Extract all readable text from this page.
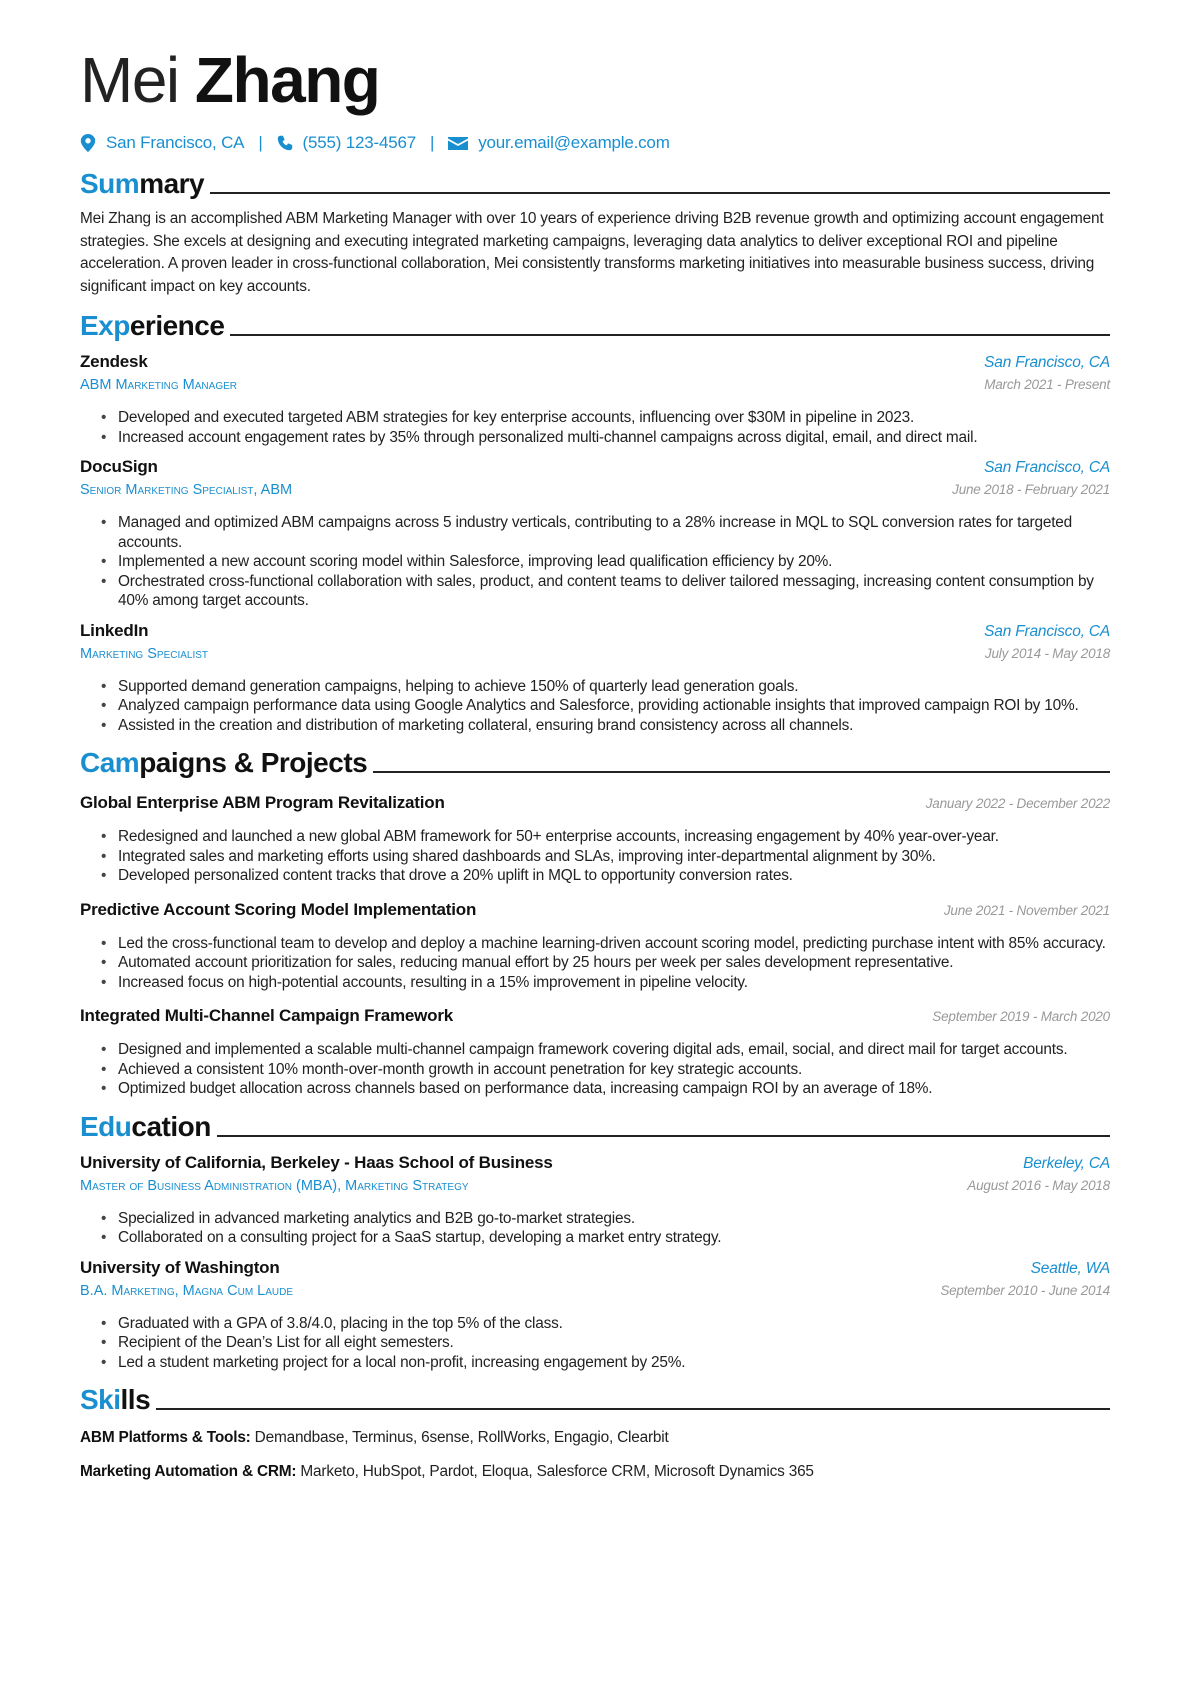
Mei Zhang
San Francisco, CA | (555) 123-4567 |	your.email@example.com
Summary

Mei Zhang is an accomplished ABM Marketing Manager with over 10 years of experience driving B2B revenue growth and optimizing account engagement strategies. She excels at designing and executing integrated marketing campaigns, leveraging data analytics to deliver exceptional ROI and pipeline acceleration. A proven leader in cross-functional collaboration, Mei consistently transforms marketing initiatives into measurable business success, driving significant impact on key accounts.

Experience
Zendesk	San Francisco, CA
ABM Marketing Manager	March 2021 - Present
• Developed and executed targeted ABM strategies for key enterprise accounts, influencing over $30M in pipeline in 2023.
• Increased account engagement rates by 35% through personalized multi-channel campaigns across digital, email, and direct mail.
DocuSign	San Francisco, CA
Senior Marketing Specialist, ABM	June 2018 - February 2021
• Managed and optimized ABM campaigns across 5 industry verticals, contributing to a 28% increase in MQL to SQL conversion rates for targeted accounts.
• Implemented a new account scoring model within Salesforce, improving lead qualification efficiency by 20%.
• Orchestrated cross-functional collaboration with sales, product, and content teams to deliver tailored messaging, increasing content consumption by 40% among target accounts.
LinkedIn	San Francisco, CA
Marketing Specialist	July 2014 - May 2018
• Supported demand generation campaigns, helping to achieve 150% of quarterly lead generation goals.
• Analyzed campaign performance data using Google Analytics and Salesforce, providing actionable insights that improved campaign ROI by 10%.
• Assisted in the creation and distribution of marketing collateral, ensuring brand consistency across all channels.
Campaigns & Projects
Global Enterprise ABM Program Revitalization	January 2022 - December 2022
• Redesigned and launched a new global ABM framework for 50+ enterprise accounts, increasing engagement by 40% year-over-year.
• Integrated sales and marketing efforts using shared dashboards and SLAs, improving inter-departmental alignment by 30%.
• Developed personalized content tracks that drove a 20% uplift in MQL to opportunity conversion rates.
Predictive Account Scoring Model Implementation	June 2021 - November 2021
• Led the cross-functional team to develop and deploy a machine learning-driven account scoring model, predicting purchase intent with 85% accuracy.
• Automated account prioritization for sales, reducing manual effort by 25 hours per week per sales development representative.
• Increased focus on high-potential accounts, resulting in a 15% improvement in pipeline velocity.
Integrated Multi-Channel Campaign Framework	September 2019 - March 2020
• Designed and implemented a scalable multi-channel campaign framework covering digital ads, email, social, and direct mail for target accounts.
• Achieved a consistent 10% month-over-month growth in account penetration for key strategic accounts.
• Optimized budget allocation across channels based on performance data, increasing campaign ROI by an average of 18%.
Education
University of California, Berkeley - Haas School of Business	Berkeley, CA
Master of Business Administration (MBA), Marketing Strategy	August 2016 - May 2018
• Specialized in advanced marketing analytics and B2B go-to-market strategies.
• Collaborated on a consulting project for a SaaS startup, developing a market entry strategy.
University of Washington	Seattle, WA
B.A. Marketing, Magna Cum Laude	September 2010 - June 2014
• Graduated with a GPA of 3.8/4.0, placing in the top 5% of the class.
• Recipient of the Dean’s List for all eight semesters.
• Led a student marketing project for a local non-profit, increasing engagement by 25%.
Skills
ABM Platforms & Tools: Demandbase, Terminus, 6sense, RollWorks, Engagio, Clearbit
Marketing Automation & CRM: Marketo, HubSpot, Pardot, Eloqua, Salesforce CRM, Microsoft Dynamics 365
